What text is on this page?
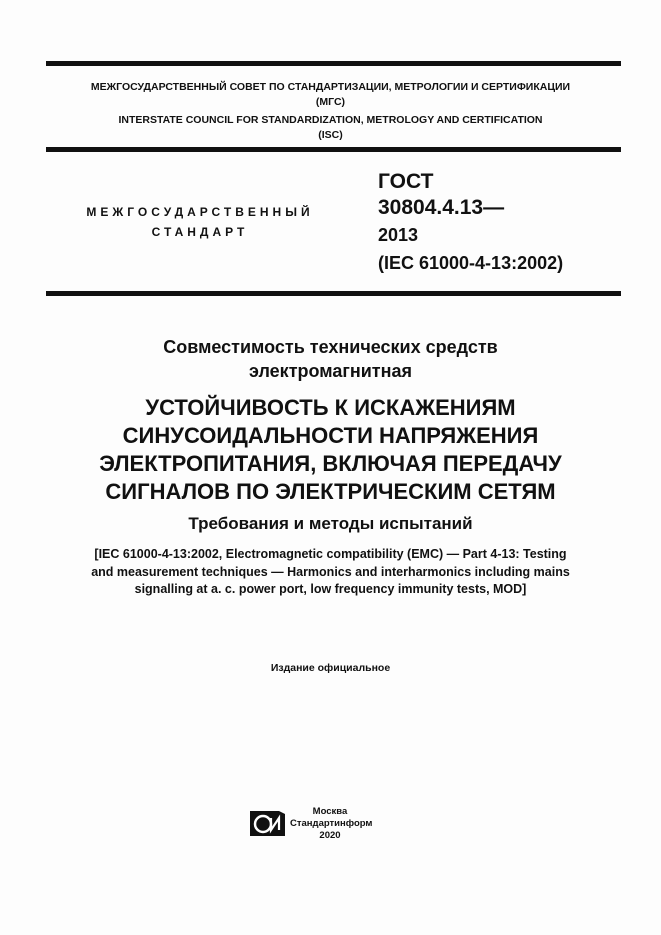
МЕЖГОСУДАРСТВЕННЫЙ СОВЕТ ПО СТАНДАРТИЗАЦИИ, МЕТРОЛОГИИ И СЕРТИФИКАЦИИ
(МГС)
INTERSTATE COUNCIL FOR STANDARDIZATION, METROLOGY AND CERTIFICATION
(ISC)
МЕЖГОСУДАРСТВЕННЫЙ
СТАНДАРТ
ГОСТ
30804.4.13—
2013
(IEC 61000-4-13:2002)
Совместимость технических средств
электромагнитная
УСТОЙЧИВОСТЬ К ИСКАЖЕНИЯМ
СИНУСОИДАЛЬНОСТИ НАПРЯЖЕНИЯ
ЭЛЕКТРОПИТАНИЯ, ВКЛЮЧАЯ ПЕРЕДАЧУ
СИГНАЛОВ ПО ЭЛЕКТРИЧЕСКИМ СЕТЯМ
Требования и методы испытаний
[IEC 61000-4-13:2002, Electromagnetic compatibility (EMC) — Part 4-13: Testing
and measurement techniques — Harmonics and interharmonics including mains
signalling at a. c. power port, low frequency immunity tests, MOD]
Издание официальное
Москва
Стандартинформ
2020
